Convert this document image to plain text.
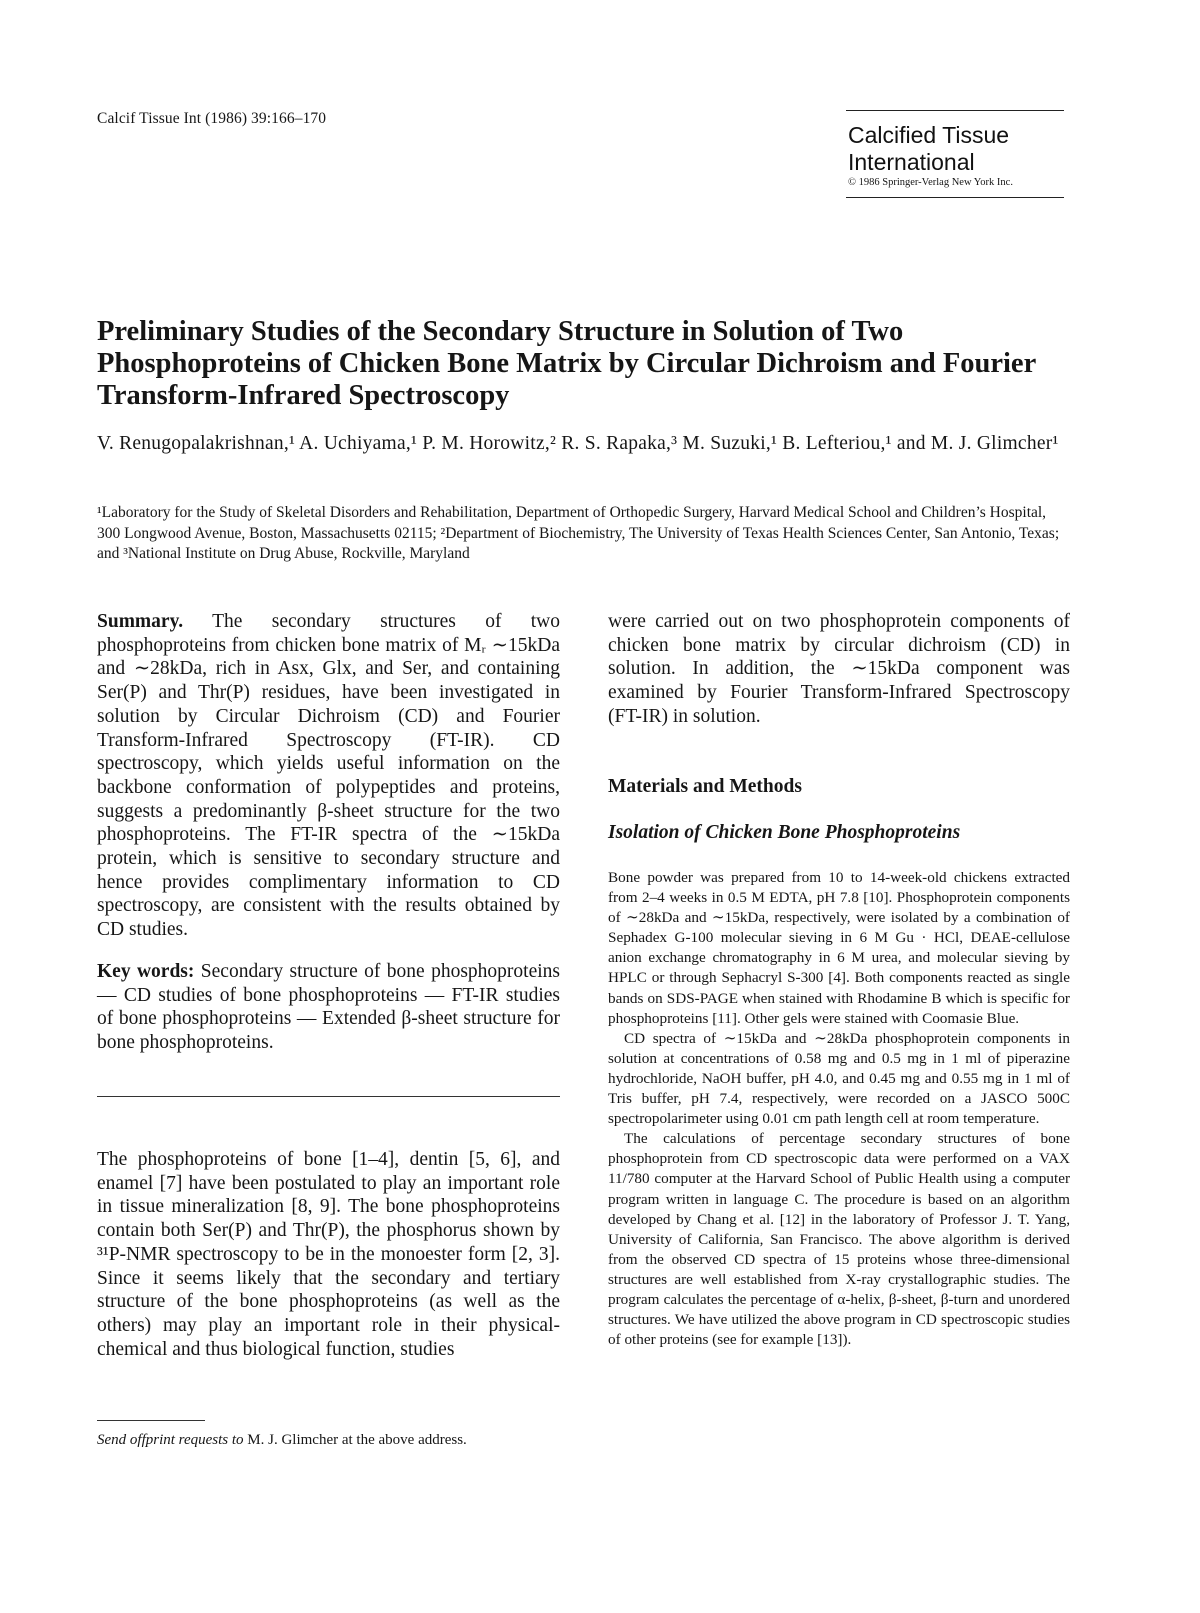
Calcif Tissue Int (1986) 39:166–170
Calcified Tissue
International
© 1986 Springer-Verlag New York Inc.
Preliminary Studies of the Secondary Structure in Solution of Two Phosphoproteins of Chicken Bone Matrix by Circular Dichroism and Fourier Transform-Infrared Spectroscopy
V. Renugopalakrishnan,¹ A. Uchiyama,¹ P. M. Horowitz,² R. S. Rapaka,³ M. Suzuki,¹ B. Lefteriou,¹ and M. J. Glimcher¹
¹Laboratory for the Study of Skeletal Disorders and Rehabilitation, Department of Orthopedic Surgery, Harvard Medical School and Children’s Hospital, 300 Longwood Avenue, Boston, Massachusetts 02115; ²Department of Biochemistry, The University of Texas Health Sciences Center, San Antonio, Texas; and ³National Institute on Drug Abuse, Rockville, Maryland

Summary. The secondary structures of two phosphoproteins from chicken bone matrix of Mᵣ ∼15kDa and ∼28kDa, rich in Asx, Glx, and Ser, and containing Ser(P) and Thr(P) residues, have been investigated in solution by Circular Dichroism (CD) and Fourier Transform-Infrared Spectroscopy (FT-IR). CD spectroscopy, which yields useful information on the backbone conformation of polypeptides and proteins, suggests a predominantly β-sheet structure for the two phosphoproteins. The FT-IR spectra of the ∼15kDa protein, which is sensitive to secondary structure and hence provides complimentary information to CD spectroscopy, are consistent with the results obtained by CD studies.

Key words: Secondary structure of bone phosphoproteins — CD studies of bone phosphoproteins — FT-IR studies of bone phosphoproteins — Extended β-sheet structure for bone phosphoproteins.

The phosphoproteins of bone [1–4], dentin [5, 6], and enamel [7] have been postulated to play an important role in tissue mineralization [8, 9]. The bone phosphoproteins contain both Ser(P) and Thr(P), the phosphorus shown by ³¹P-NMR spectroscopy to be in the monoester form [2, 3]. Since it seems likely that the secondary and tertiary structure of the bone phosphoproteins (as well as the others) may play an important role in their physical-chemical and thus biological function, studies

Send offprint requests to M. J. Glimcher at the above address.

were carried out on two phosphoprotein components of chicken bone matrix by circular dichroism (CD) in solution. In addition, the ∼15kDa component was examined by Fourier Transform-Infrared Spectroscopy (FT-IR) in solution.

Materials and Methods
Isolation of Chicken Bone Phosphoproteins

Bone powder was prepared from 10 to 14-week-old chickens extracted from 2–4 weeks in 0.5 M EDTA, pH 7.8 [10]. Phosphoprotein components of ∼28kDa and ∼15kDa, respectively, were isolated by a combination of Sephadex G-100 molecular sieving in 6 M Gu · HCl, DEAE-cellulose anion exchange chromatography in 6 M urea, and molecular sieving by HPLC or through Sephacryl S-300 [4]. Both components reacted as single bands on SDS-PAGE when stained with Rhodamine B which is specific for phosphoproteins [11]. Other gels were stained with Coomasie Blue.

CD spectra of ∼15kDa and ∼28kDa phosphoprotein components in solution at concentrations of 0.58 mg and 0.5 mg in 1 ml of piperazine hydrochloride, NaOH buffer, pH 4.0, and 0.45 mg and 0.55 mg in 1 ml of Tris buffer, pH 7.4, respectively, were recorded on a JASCO 500C spectropolarimeter using 0.01 cm path length cell at room temperature.

The calculations of percentage secondary structures of bone phosphoprotein from CD spectroscopic data were performed on a VAX 11/780 computer at the Harvard School of Public Health using a computer program written in language C. The procedure is based on an algorithm developed by Chang et al. [12] in the laboratory of Professor J. T. Yang, University of California, San Francisco. The above algorithm is derived from the observed CD spectra of 15 proteins whose three-dimensional structures are well established from X-ray crystallographic studies. The program calculates the percentage of α-helix, β-sheet, β-turn and unordered structures. We have utilized the above program in CD spectroscopic studies of other proteins (see for example [13]).
